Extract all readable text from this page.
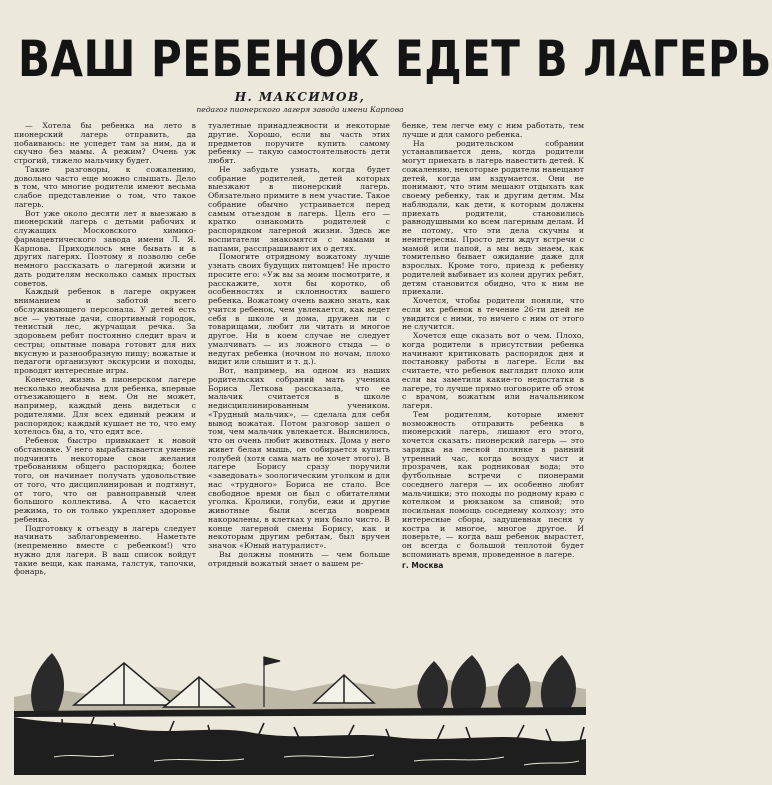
ВАШ РЕБЕНОК ЕДЕТ В ЛАГЕРЬ
Н. МАКСИМОВ,
педагог пионерского лагеря завода имени Карпова

— Хотела бы ребенка на лето в пионерский лагерь отправить, да побаиваюсь: не успедет там за ним, да и скучно без мамы. А режим? Очень уж строгий, тяжело мальчику будет.

Такие разговоры, к сожалению, довольно часто еще можно слышать. Дело в том, что многие родители имеют весьма слабое представление о том, что такое лагерь.

Вот уже около десяти лет я выезжаю в пионерский лагерь с детьми рабочих и служащих Московского химико-фармацевтического завода имени Л. Я. Карпова. Приходилось мне бывать и в других лагерях. Поэтому я позволю себе немного рассказать о лагерной жизни и дать родителям несколько самых простых советов.

Каждый ребенок в лагере окружен вниманием и заботой всего обслуживающего персонала. У детей есть все — уютные дачи, спортивный городок, тенистый лес, журчащая речка. За здоровьем ребят постоянно следит врач и сестры; опытные повара готовят для них вкусную и разнообразную пищу; вожатые и педагоги организуют экскурсии и походы, проводят интересные игры.

Конечно, жизнь в пионерском лагере несколько необычна для ребенка, впервые отъезжающего в нем. Он не может, например, каждый день видеться с родителями. Для всех единый режим и распорядок; каждый кушает не то, что ему хотелось бы, а то, что едят все.

Ребенок быстро привыкает к новой обстановке. У него вырабатывается умение подчинять некоторые свои желания требованиям общего распорядка; более того, он начинает получать удовольствие от того, что дисциплинирован и подтянут, от того, что он равноправный член большого коллектива. А что касается режима, то он только укрепляет здоровье ребенка.

Подготовку к отъезду в лагерь следует начинать заблаговременно. Наметьте (непременно вместе с ребенком!) что нужно для лагеря. В ваш список войдут такие вещи, как панама, галстук, тапочки, фонарь,

туалетные принадлежности и некоторые другие. Хорошо, если вы часть этих предметов поручите купить самому ребенку — такую самостоятельность дети любят.

Не забудьте узнать, когда будет собрание родителей, детей которых выезжают в пионерский лагерь. Обязательно примите в нем участие. Такое собрание обычно устраивается перед самым отъездом в лагерь. Цель его — кратко ознакомить родителей с распорядком лагерной жизни. Здесь же воспитатели знакомятся с мамами и папами, расспрашивают их о детях.

Помогите отрядному вожатому лучше узнать своих будущих питомцев! Не просто просите его: «Уж вы за моим посмотрите, я расскажите, хотя бы коротко, об особенностях и склонностях вашего ребенка. Вожатому очень важно знать, как учится ребенок, чем увлекается, как ведет себя в школе и дома, дружен ли с товарищами, любит ли читать и многое другое. Ни в коем случае не следует умалчивать — из ложного стыда — о недугах ребенка (ночном по ночам, плохо видит или слышит и т. д.).

Вот, например, на одном из наших родительских собраний мать ученика Бориса Леткова рассказала, что ее мальчик считается в школе недисциплинированным учеником. «Трудный мальчик», — сделала для себя вывод вожатая. Потом разговор зашел о том, чем мальчик увлекается. Выяснилось, что он очень любит животных. Дома у него живет белая мышь, он собирается купить голубей (хотя сама мать не хочет этого). В лагере Борису сразу поручили «заведовать» зоологическим уголком и для нас «трудного» Бориса не стало. Все свободное время он был с обитателями уголка. Кролики, голуби, ежи и другие животные были всегда вовремя накормлены, в клетках у них было чисто. В конце лагерной смены Борису, как и некоторым другим ребятам, был вручен значок «Юный натуралист».

Вы должны помнить — чем больше отрядный вожатый знает о вашем ре-

бенке, тем легче ему с ним работать, тем лучше и для самого ребенка.

На родительском собрании устанавливается день, когда родители могут приехать в лагерь навестить детей. К сожалению, некоторые родители навещают детей, когда им вздумается. Они не понимают, что этим мешают отдыхать как своему ребенку, так и другим детям. Мы наблюдали, как дети, к которым должны приехать родители, становились равнодушными ко всем лагерным делам. И не потому, что эти дела скучны и неинтересны. Просто дети ждут встречи с мамой или папой, а мы ведь знаем, как томительно бывает ожидание даже для взрослых. Кроме того, приезд к ребенку родителей выбивает из колеи других ребят, детям становится обидно, что к ним не приехали.

Хочется, чтобы родители поняли, что если их ребенок в течение 26-ти дней не увидится с ними, то ничего с ним от этого не случится.

Хочется еще сказать вот о чем. Плохо, когда родители в присутствии ребенка начинают критиковать распорядок дня и постановку работы в лагере. Если вы считаете, что ребенок выглядит плохо или если вы заметили какие-то недостатки в лагере, то лучше прямо поговорите об этом с врачом, вожатым или начальником лагеря.

Тем родителям, которые имеют возможность отправить ребенка в пионерский лагерь, лишают его этого, хочется сказать: пионерский лагерь — это зарядка на лесной полянке в ранний утренний час, когда воздух чист и прозрачен, как родниковая вода; это футбольные встречи с пионерами соседнего лагеря — их особенно любят мальчишки; это походы по родному краю с котелком и рюкзаком за спиной; это посильная помощь соседнему колхозу; это интересные сборы, задушевная песня у костра и многое, многое другое. И поверьте, — когда ваш ребенок вырастет, он всегда с большой теплотой будет вспоминать время, проведенное в лагере.

г. Москва
